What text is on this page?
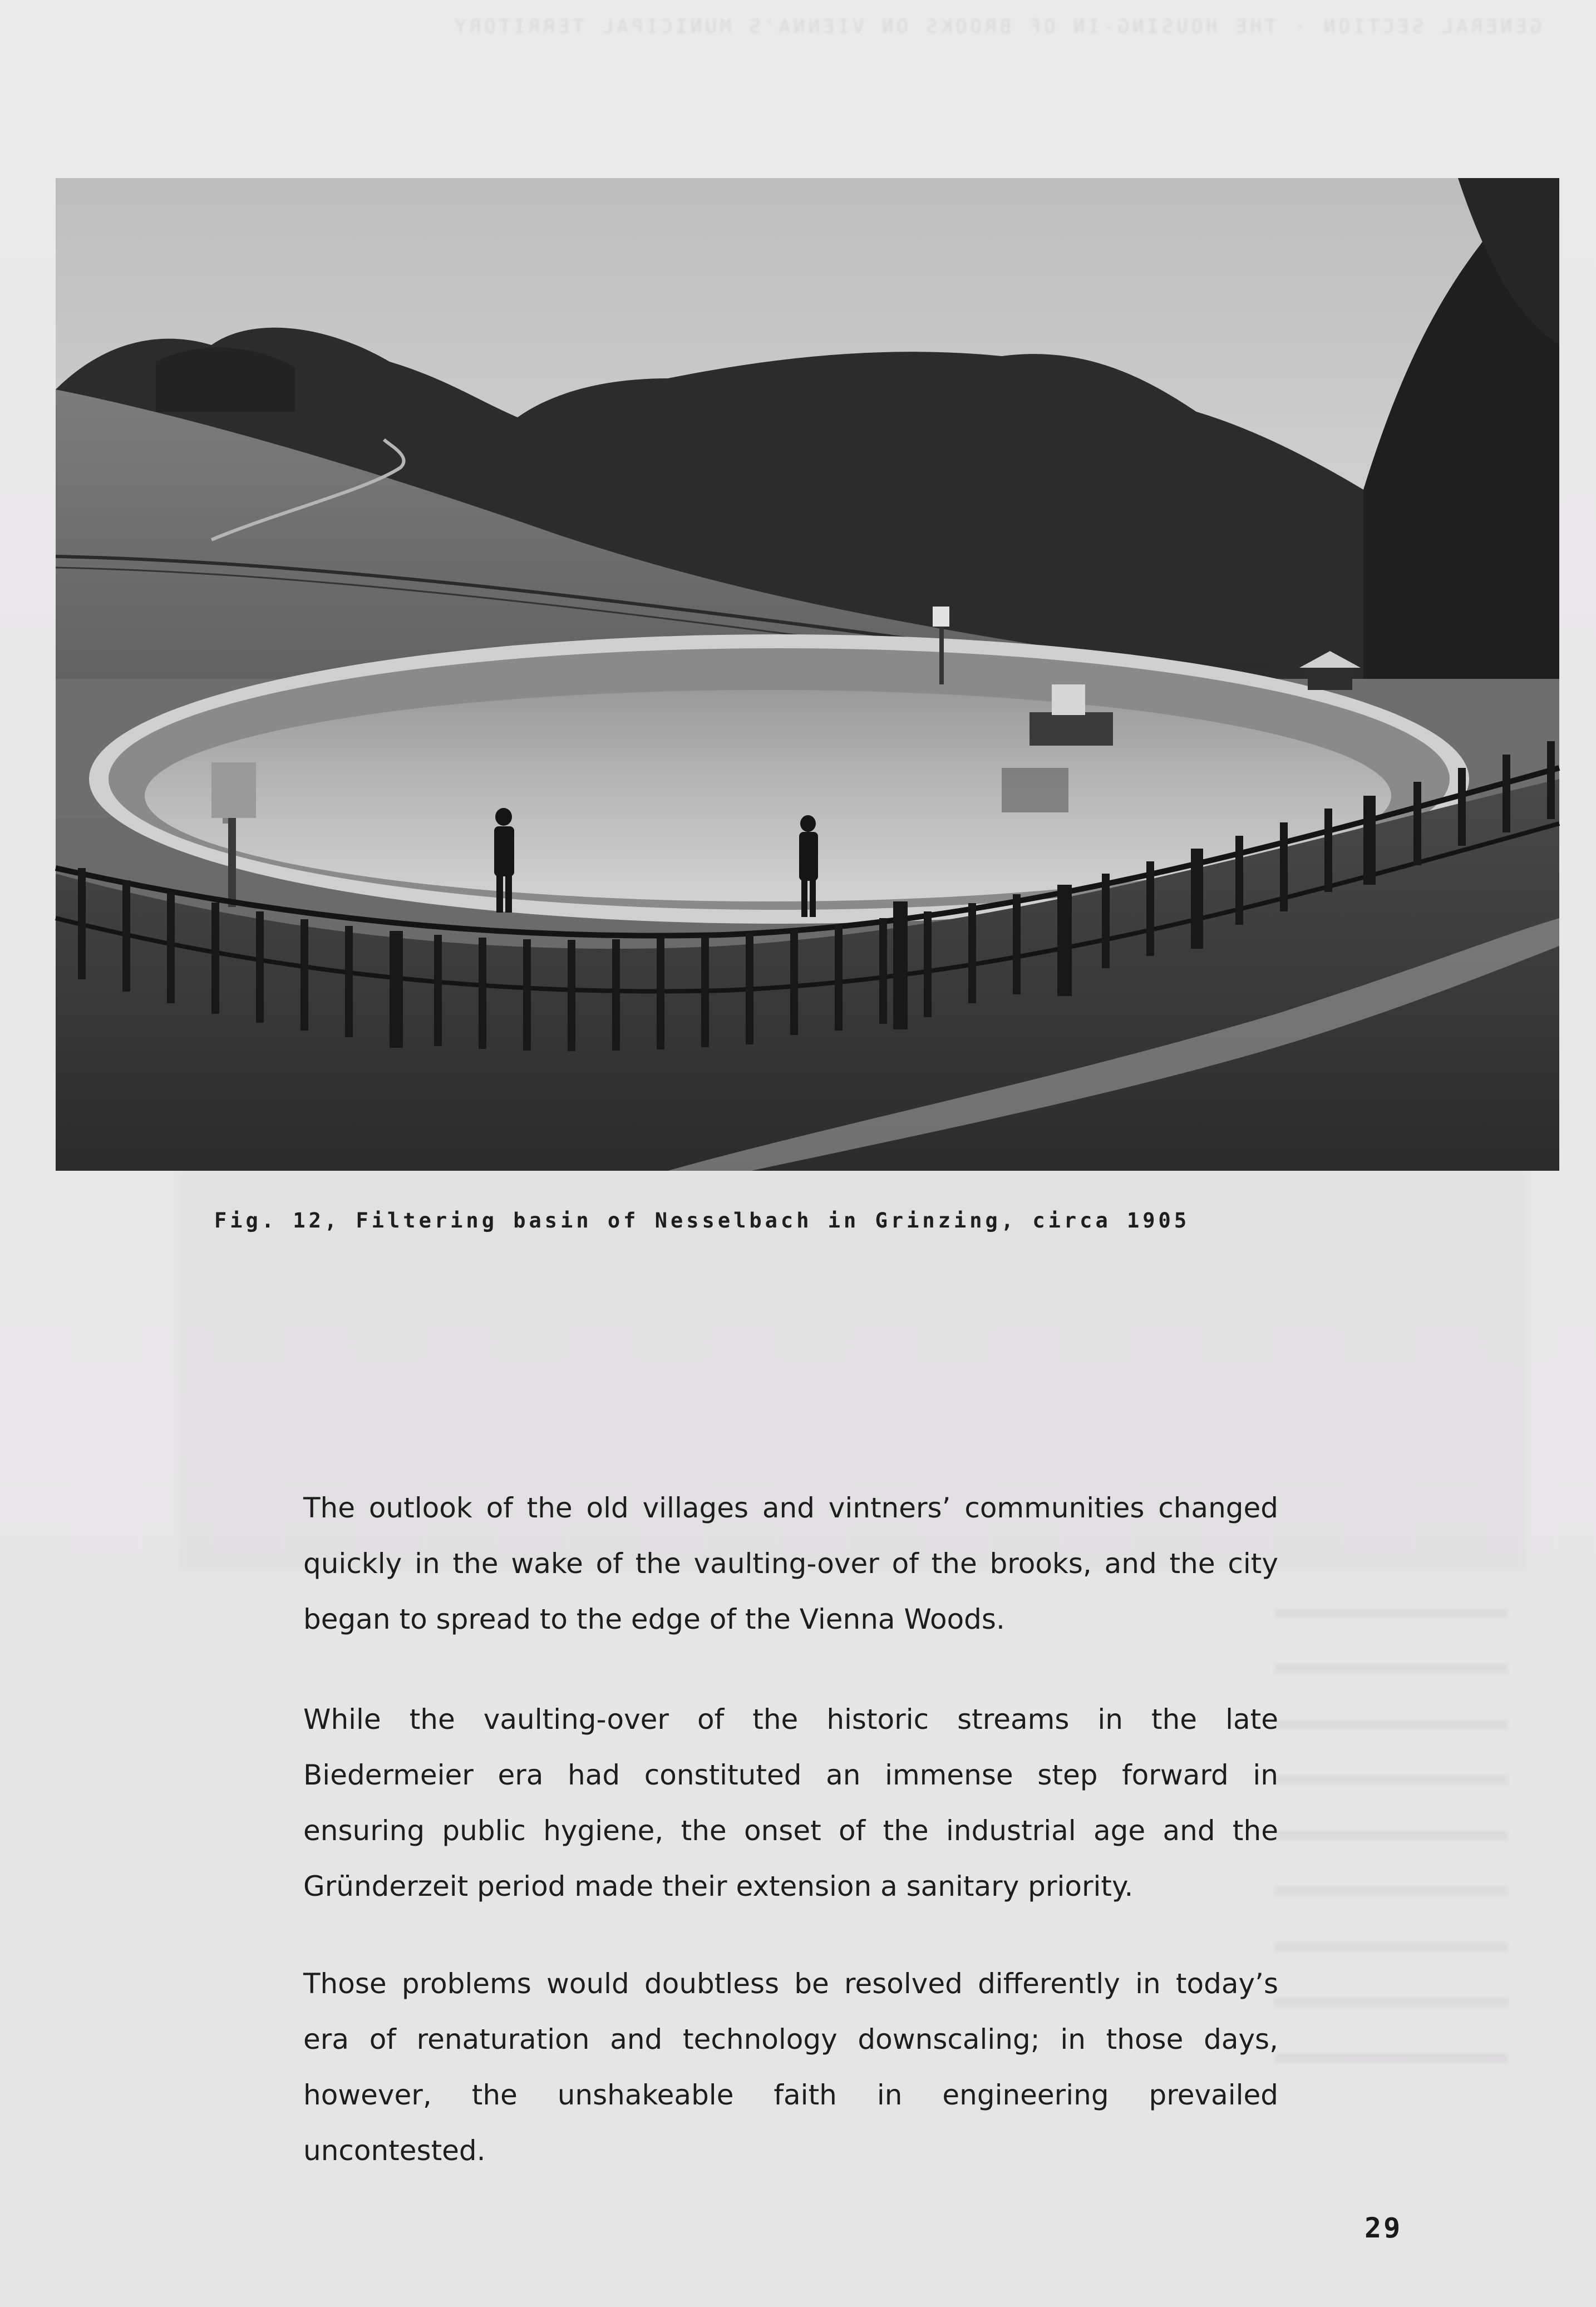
GENERAL SECTION · THE HOUSING-IN OF BROOKS ON VIENNA'S MUNICIPAL TERRITORY
Fig. 12, Filtering basin of Nesselbach in Grinzing, circa 1905

The outlook of the old villages and vintners’ communities changed quickly in the wake of the vaulting-over of the brooks, and the city began to spread to the edge of the Vienna Woods.

While the vaulting-over of the historic streams in the late Biedermeier era had constituted an immense step forward in ensuring public hygiene, the onset of the industrial age and the Gründerzeit period made their extension a sanitary priority.

Those problems would doubtless be resolved differently in today’s era of renaturation and technology downscaling; in those days, however, the unshakeable faith in engineering prevailed uncontested.

29
